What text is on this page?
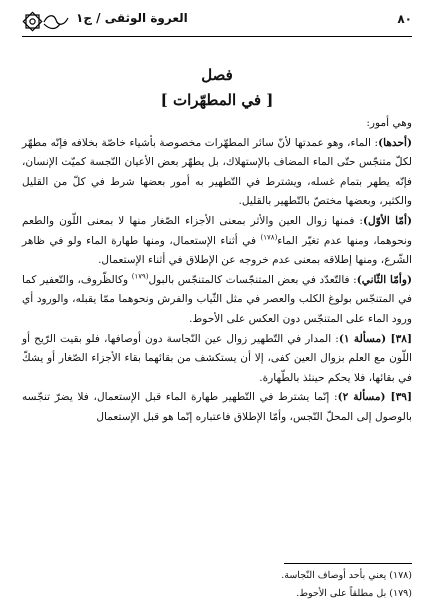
٨٠
العروة الوثقى / ج١
فصل
[ في المطهّرات ]

وهي أمور:

(أحدها): الماء، وهو عمدتها لأنّ سائر المطهّرات مخصوصة بأشياء خاصّة بخلافه فإنّه مطهّر لكلّ متنجّس حتّى الماء المضاف بالإستهلاك، بل يطهّر بعض الأعيان النّجسة كميّت الإنسان، فإنّه يطهر بتمام غسله، ويشترط في التّطهير به أمور بعضها شرط في كلّ من القليل والكثير، وبعضها مختصّ بالتّطهير بالقليل.

(أمّا الأوّل): فمنها زوال العين والأثر بمعنى الأجزاء الصّغار منها لا بمعنى اللّون والطعم ونحوهما، ومنها عدم تغيّر الماء$^{(١٧٨)}$ في أثناء الإستعمال، ومنها طهارة الماء ولو في ظاهر الشّرع، ومنها إطلاقه بمعنى عدم خروجه عن الإطلاق في أثناء الإستعمال.

(وأمّا الثّاني): فالتّعدّد في بعض المتنجّسات كالمتنجّس بالبول$^{(١٧٩)}$ وكالظّروف، والتّعفير كما في المتنجّس بولوغ الكلب والعصر في مثل الثّياب والفرش ونحوهما ممّا يقبله، والورود أي ورود الماء على المتنجّس دون العكس على الأحوط.

[٣٨] (مسألة ١): المدار في التّطهير زوال عين النّجاسة دون أوصافها، فلو بقيت الرّيح أو اللّون مع العلم بزوال العين كفى، إلا أن يستكشف من بقائهما بقاء الأجزاء الصّغار أو يشكّ في بقائها، فلا يحكم حينئذ بالطّهارة.

[٣٩] (مسألة ٢): إنّما يشترط في التّطهير طهارة الماء قبل الإستعمال، فلا يضرّ تنجّسه بالوصول إلى المحلّ النّجس، وأمّا الإطلاق فاعتباره إنّما هو قبل الإستعمال

(١٧٨) يعني بأحد أوصاف النّجاسة.

(١٧٩) بل مطلقاً على الأحوط.
